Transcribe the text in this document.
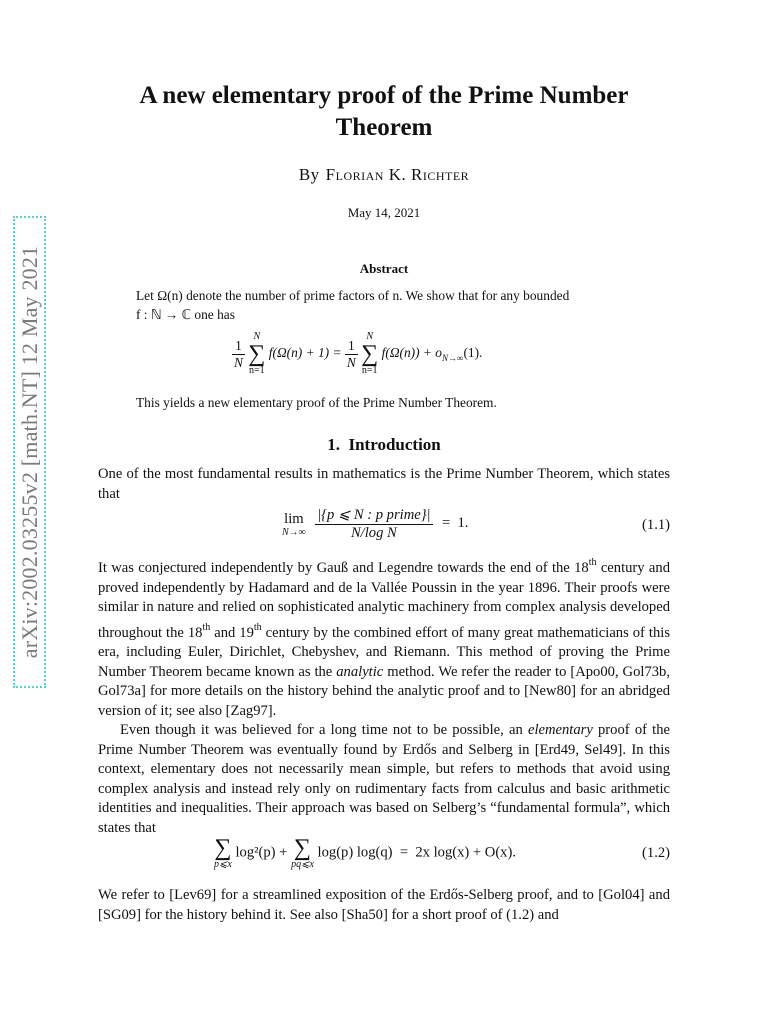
arXiv:2002.03255v2 [math.NT] 12 May 2021
A new elementary proof of the Prime Number Theorem
By Florian K. Richter
May 14, 2021
Abstract
Let Ω(n) denote the number of prime factors of n. We show that for any bounded
f : ℕ → ℂ one has
$\frac{1}{N}$

N
∑
n=1
$f(\Omega(n) + 1) = \frac{1}{N}$

N
∑
n=1
$f(\Omega(n)) + o_{N\to\infty}(1)$.
This yields a new elementary proof of the Prime Number Theorem.
1. Introduction
One of the most fundamental results in mathematics is the Prime Number Theorem, which states that
lim
N→∞
$\frac{\text{|\{p ⩽ N : p prime\}|}}{\text{N/log N}} = 1$.	(1.1)

It was conjectured independently by Gauß and Legendre towards the end of the 18th century and proved independently by Hadamard and de la Vallée Poussin in the year 1896. Their proofs were similar in nature and relied on sophisticated analytic machinery from complex analysis developed throughout the 18th and 19th century by the combined effort of many great mathematicians of this era, including Euler, Dirichlet, Chebyshev, and Riemann. This method of proving the Prime Number Theorem became known as the analytic method. We refer the reader to [Apo00, Gol73b, Gol73a] for more details on the history behind the analytic proof and to [New80] for an abridged version of it; see also [Zag97].

Even though it was believed for a long time not to be possible, an elementary proof of the Prime Number Theorem was eventually found by Erdős and Selberg in [Erd49, Sel49]. In this context, elementary does not necessarily mean simple, but refers to methods that avoid using complex analysis and instead rely only on rudimentary facts from calculus and basic arithmetic identities and inequalities. Their approach was based on Selberg’s “fundamental formula”, which states that

∑
p⩽x
log²(p) + ∑
pq⩽x
log(p) log(q)  =  2x log(x) + O(x).	(1.2)
We refer to [Lev69] for a streamlined exposition of the Erdős-Selberg proof, and to [Gol04] and [SG09] for the history behind it. See also [Sha50] for a short proof of (1.2) and
